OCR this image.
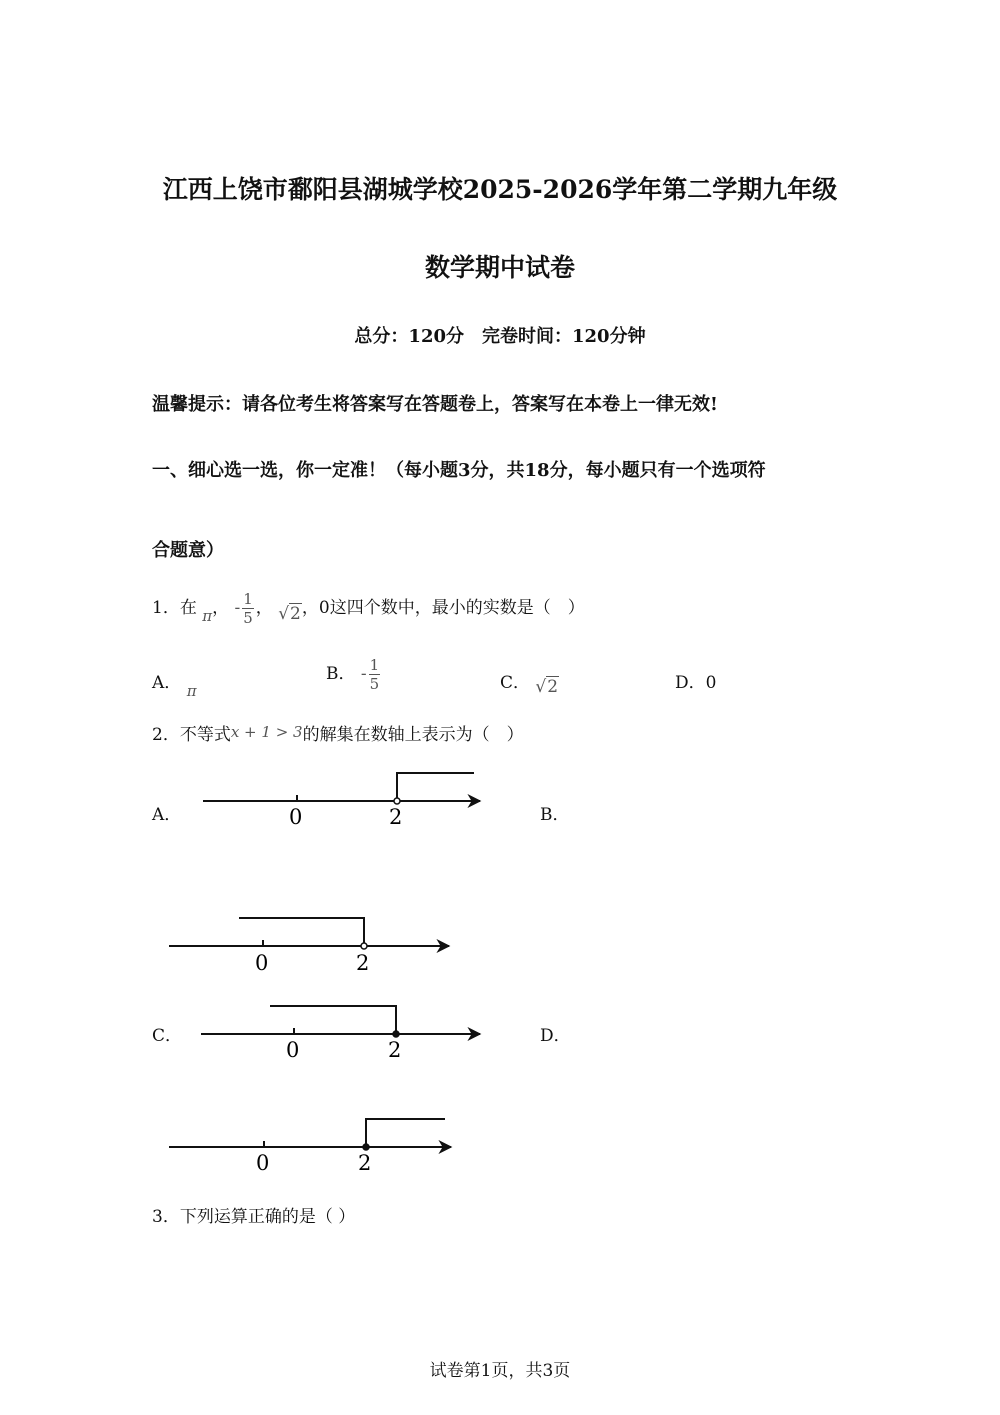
江西上饶市鄱阳县湖城学校2025-2026学年第二学期九年级
数学期中试卷
总分：120分　完卷时间：120分钟
温馨提示：请各位考生将答案写在答题卷上，答案写在本卷上一律无效!
一、细心选一选，你一定准！（每小题3分，共18分，每小题只有一个选项符
合题意）
1．在 π， - $\frac{1}{5}$ ， √2，0这四个数中，最小的实数是（　）
A． π
B． - $\frac{1}{5}$	C． √2	D．0
2．不等式x + 1 > 3的解集在数轴上表示为（　）
A．	B．
C．	D．
0	2
0	2
0	2
0	2
3．下列运算正确的是（ ）
试卷第1页，共3页
